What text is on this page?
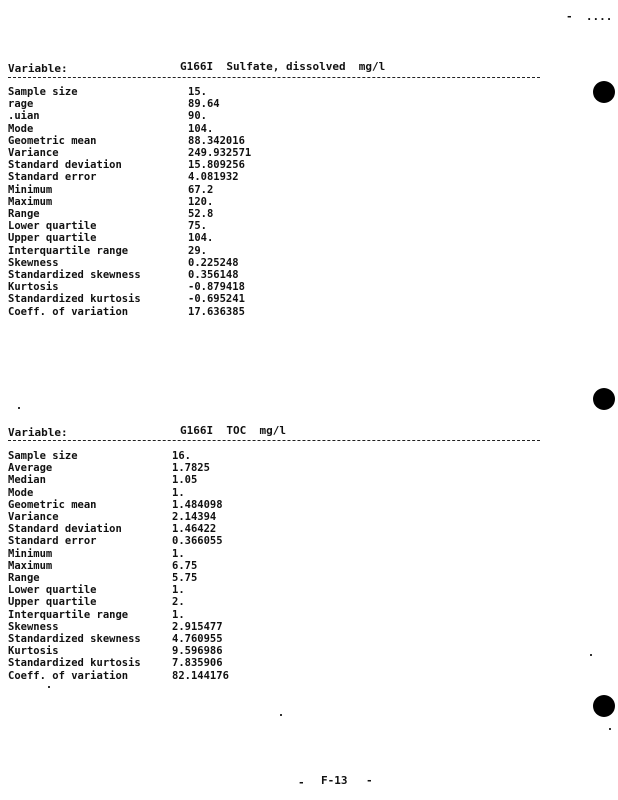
-  ....
Variable:	G166I  Sulfate, dissolved  mg/l
Sample size	15.
rage	89.64
.uian	90.
Mode	104.
Geometric mean	88.342016
Variance	249.932571
Standard deviation	15.809256
Standard error	4.081932
Minimum	67.2
Maximum	120.
Range	52.8
Lower quartile	75.
Upper quartile	104.
Interquartile range	29.
Skewness	0.225248
Standardized skewness	0.356148
Kurtosis	-0.879418
Standardized kurtosis	-0.695241
Coeff. of variation	17.636385
Variable:	G166I  TOC  mg/l
Sample size	16.
Average	1.7825
Median	1.05
Mode	1.
Geometric mean	1.484098
Variance	2.14394
Standard deviation	1.46422
Standard error	0.366055
Minimum	1.
Maximum	6.75
Range	5.75
Lower quartile	1.
Upper quartile	2.
Interquartile range	1.
Skewness	2.915477
Standardized skewness	4.760955
Kurtosis	9.596986
Standardized kurtosis	7.835906
Coeff. of variation	82.144176
- F-13 -
